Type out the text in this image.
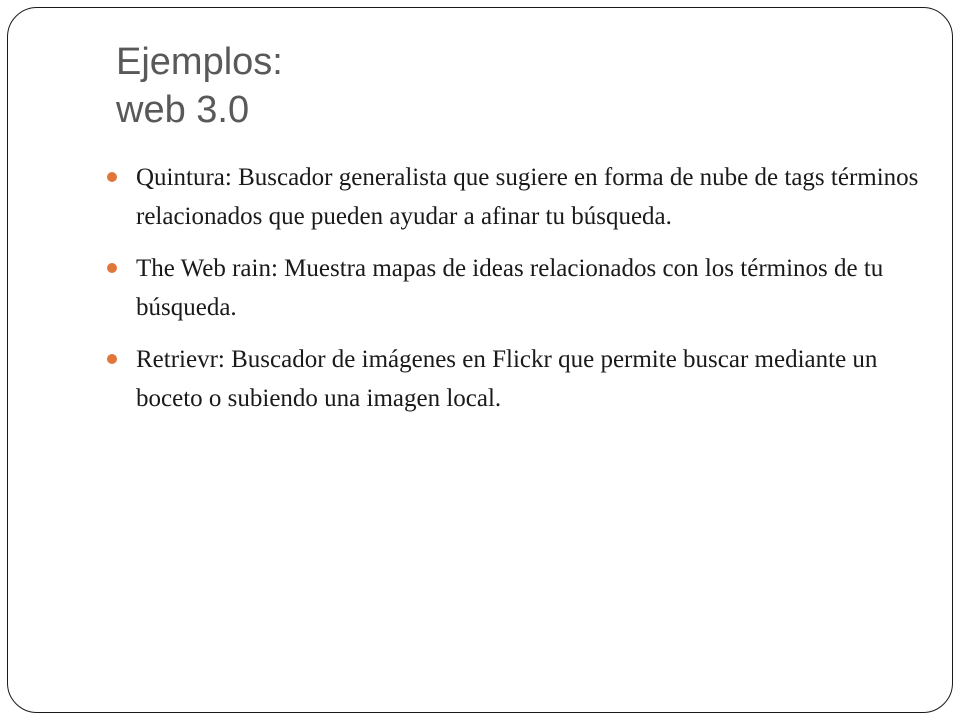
Ejemplos:
web 3.0
Quintura: Buscador generalista que sugiere en forma de nube de tags términos relacionados que pueden ayudar a afinar tu búsqueda.
The Web rain: Muestra mapas de ideas relacionados con los términos de tu búsqueda.
Retrievr: Buscador de imágenes en Flickr que permite buscar mediante un boceto o subiendo una imagen local.
